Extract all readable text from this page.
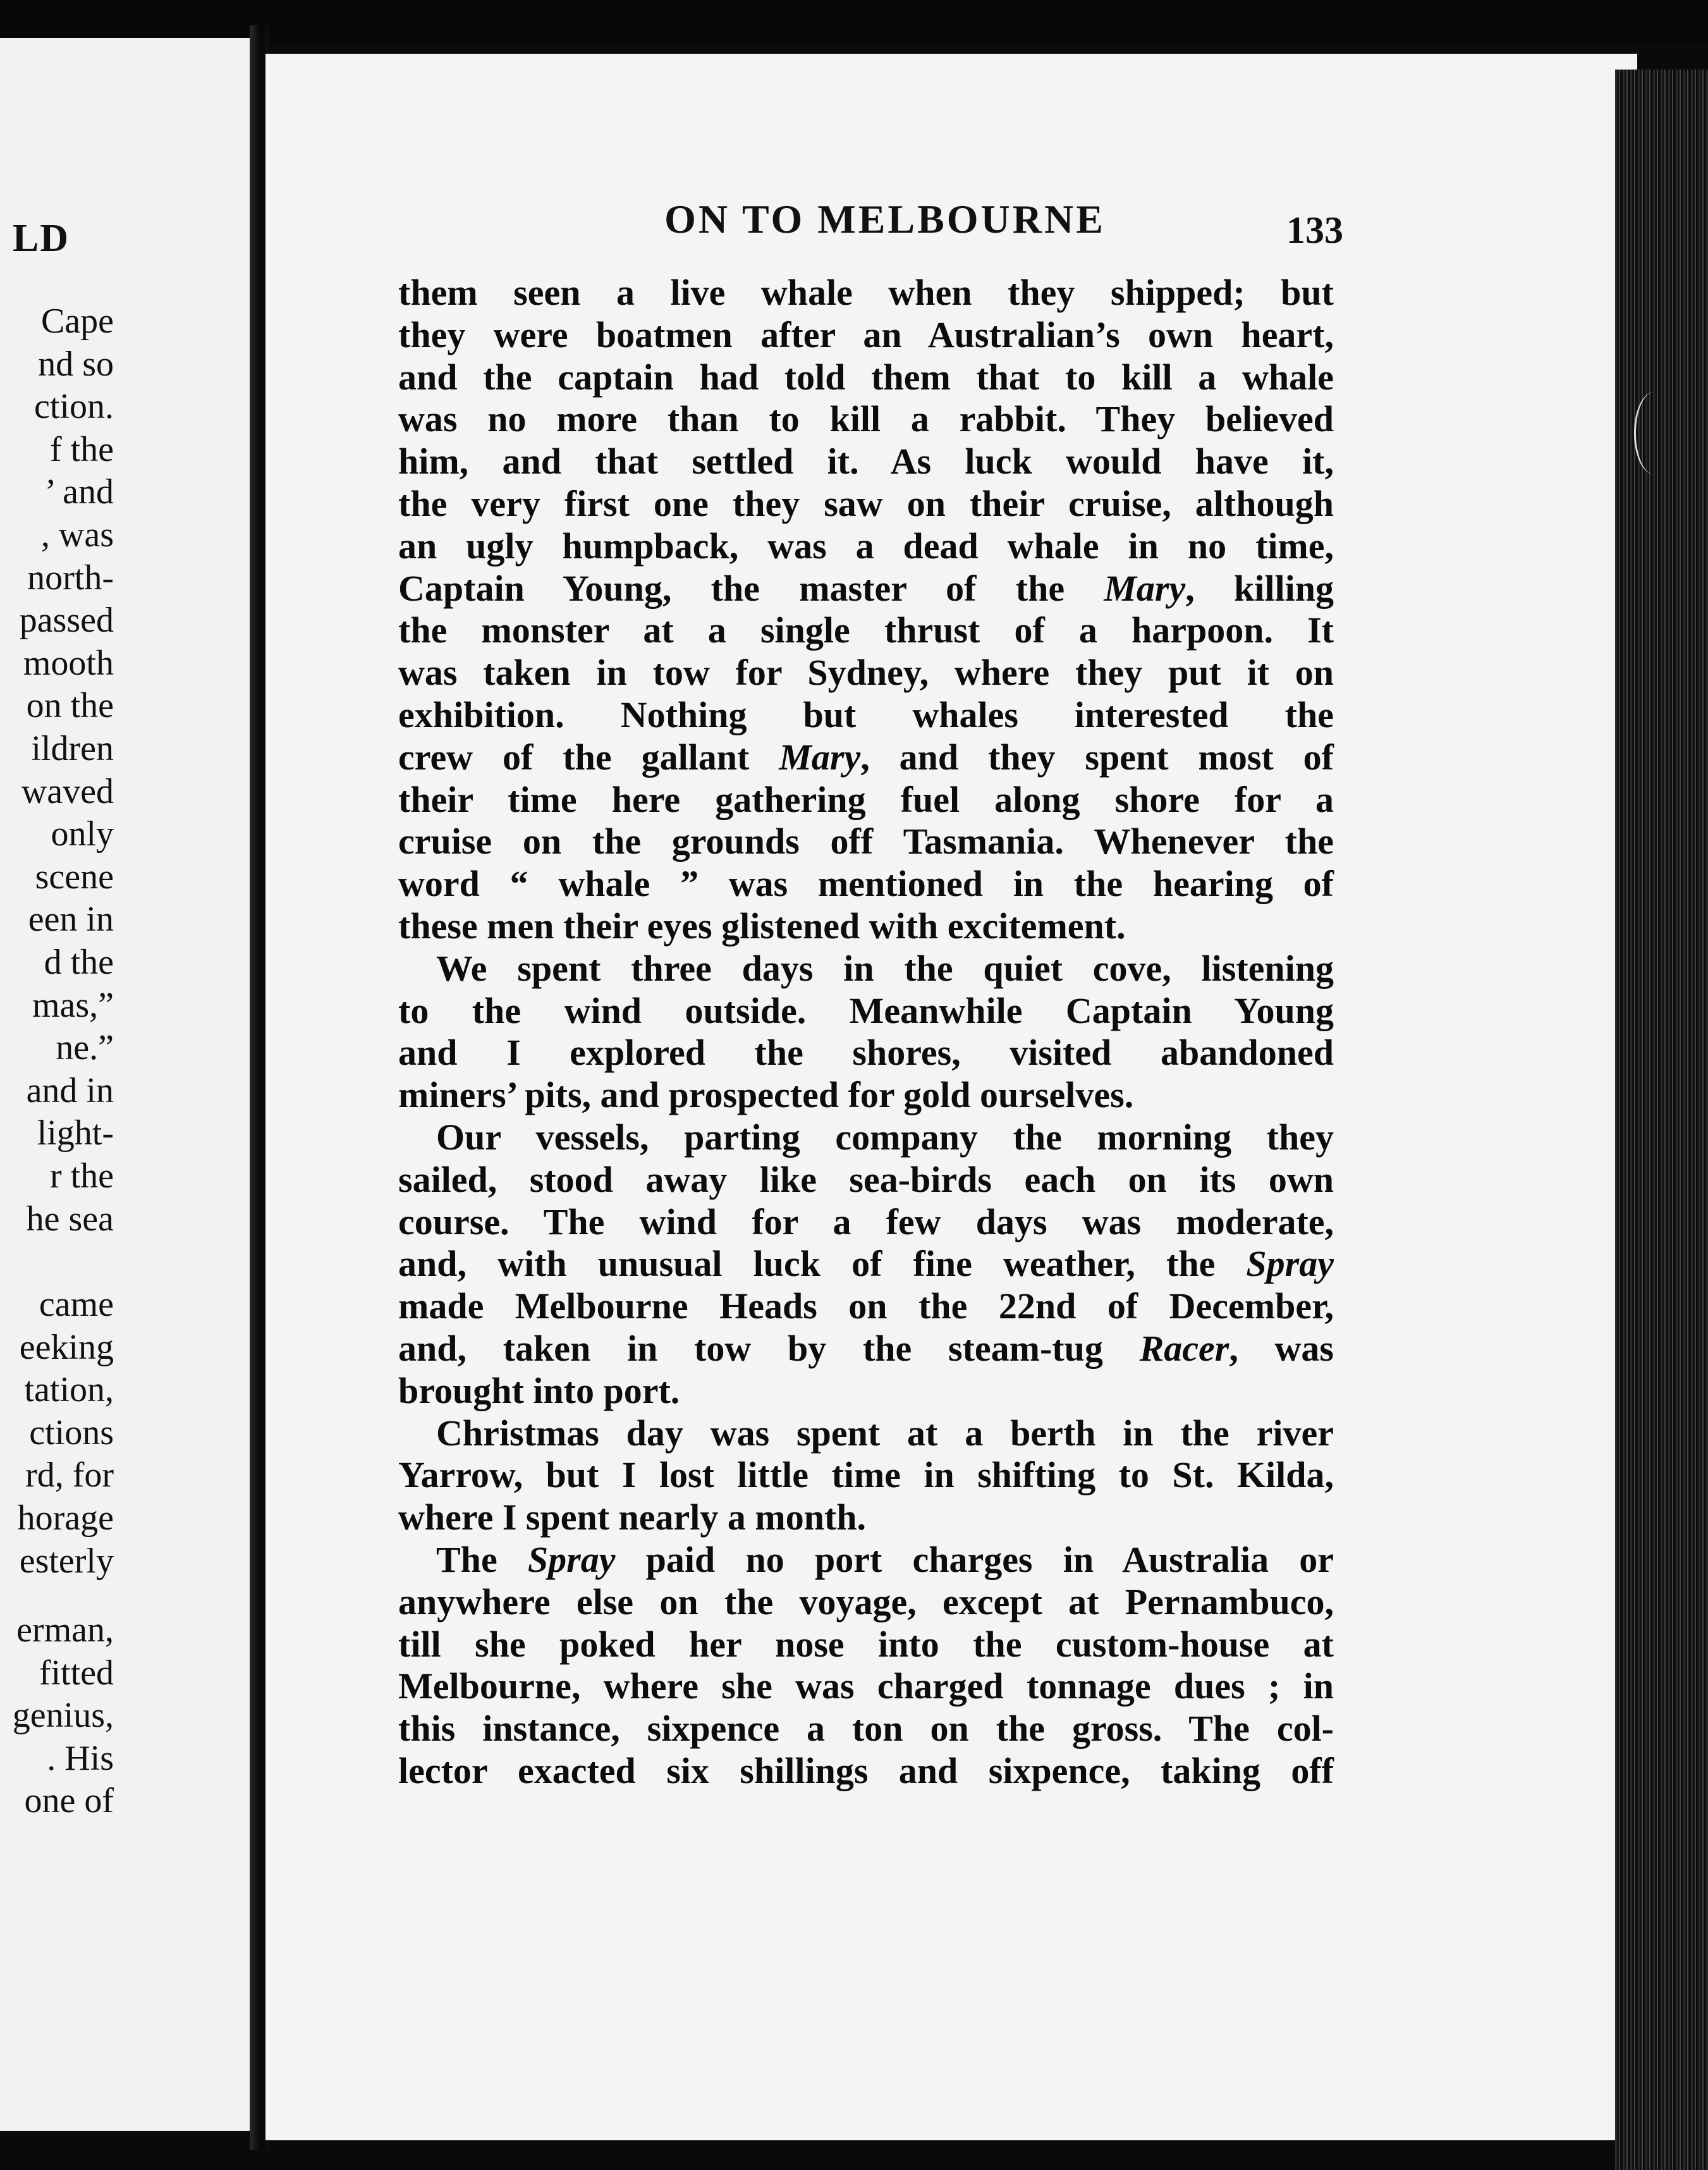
LD
Cape
nd so
ction.
f the
’ and
, was
north-
passed
mooth
on the
ildren
waved
only
scene
een in
d the
mas,”
ne.”
and in
light-
r the
he sea
came
eeking
tation,
ctions
rd, for
horage
esterly
erman,
fitted
genius,
. His
one of
ON TO MELBOURNE	133
them seen a live whale when they shipped; but
they were boatmen after an Australian’s own heart,
and the captain had told them that to kill a whale
was no more than to kill a rabbit. They believed
him, and that settled it. As luck would have it,
the very first one they saw on their cruise, although
an ugly humpback, was a dead whale in no time,
Captain Young, the master of the Mary, killing
the monster at a single thrust of a harpoon. It
was taken in tow for Sydney, where they put it on
exhibition. Nothing but whales interested the
crew of the gallant Mary, and they spent most of
their time here gathering fuel along shore for a
cruise on the grounds off Tasmania. Whenever the
word “ whale ” was mentioned in the hearing of
these men their eyes glistened with excitement.
We spent three days in the quiet cove, listening
to the wind outside. Meanwhile Captain Young
and I explored the shores, visited abandoned
miners’ pits, and prospected for gold ourselves.
Our vessels, parting company the morning they
sailed, stood away like sea-birds each on its own
course. The wind for a few days was moderate,
and, with unusual luck of fine weather, the Spray
made Melbourne Heads on the 22nd of December,
and, taken in tow by the steam-tug Racer, was
brought into port.
Christmas day was spent at a berth in the river
Yarrow, but I lost little time in shifting to St. Kilda,
where I spent nearly a month.
The Spray paid no port charges in Australia or
anywhere else on the voyage, except at Pernambuco,
till she poked her nose into the custom-house at
Melbourne, where she was charged tonnage dues ; in
this instance, sixpence a ton on the gross. The col-
lector exacted six shillings and sixpence, taking off
